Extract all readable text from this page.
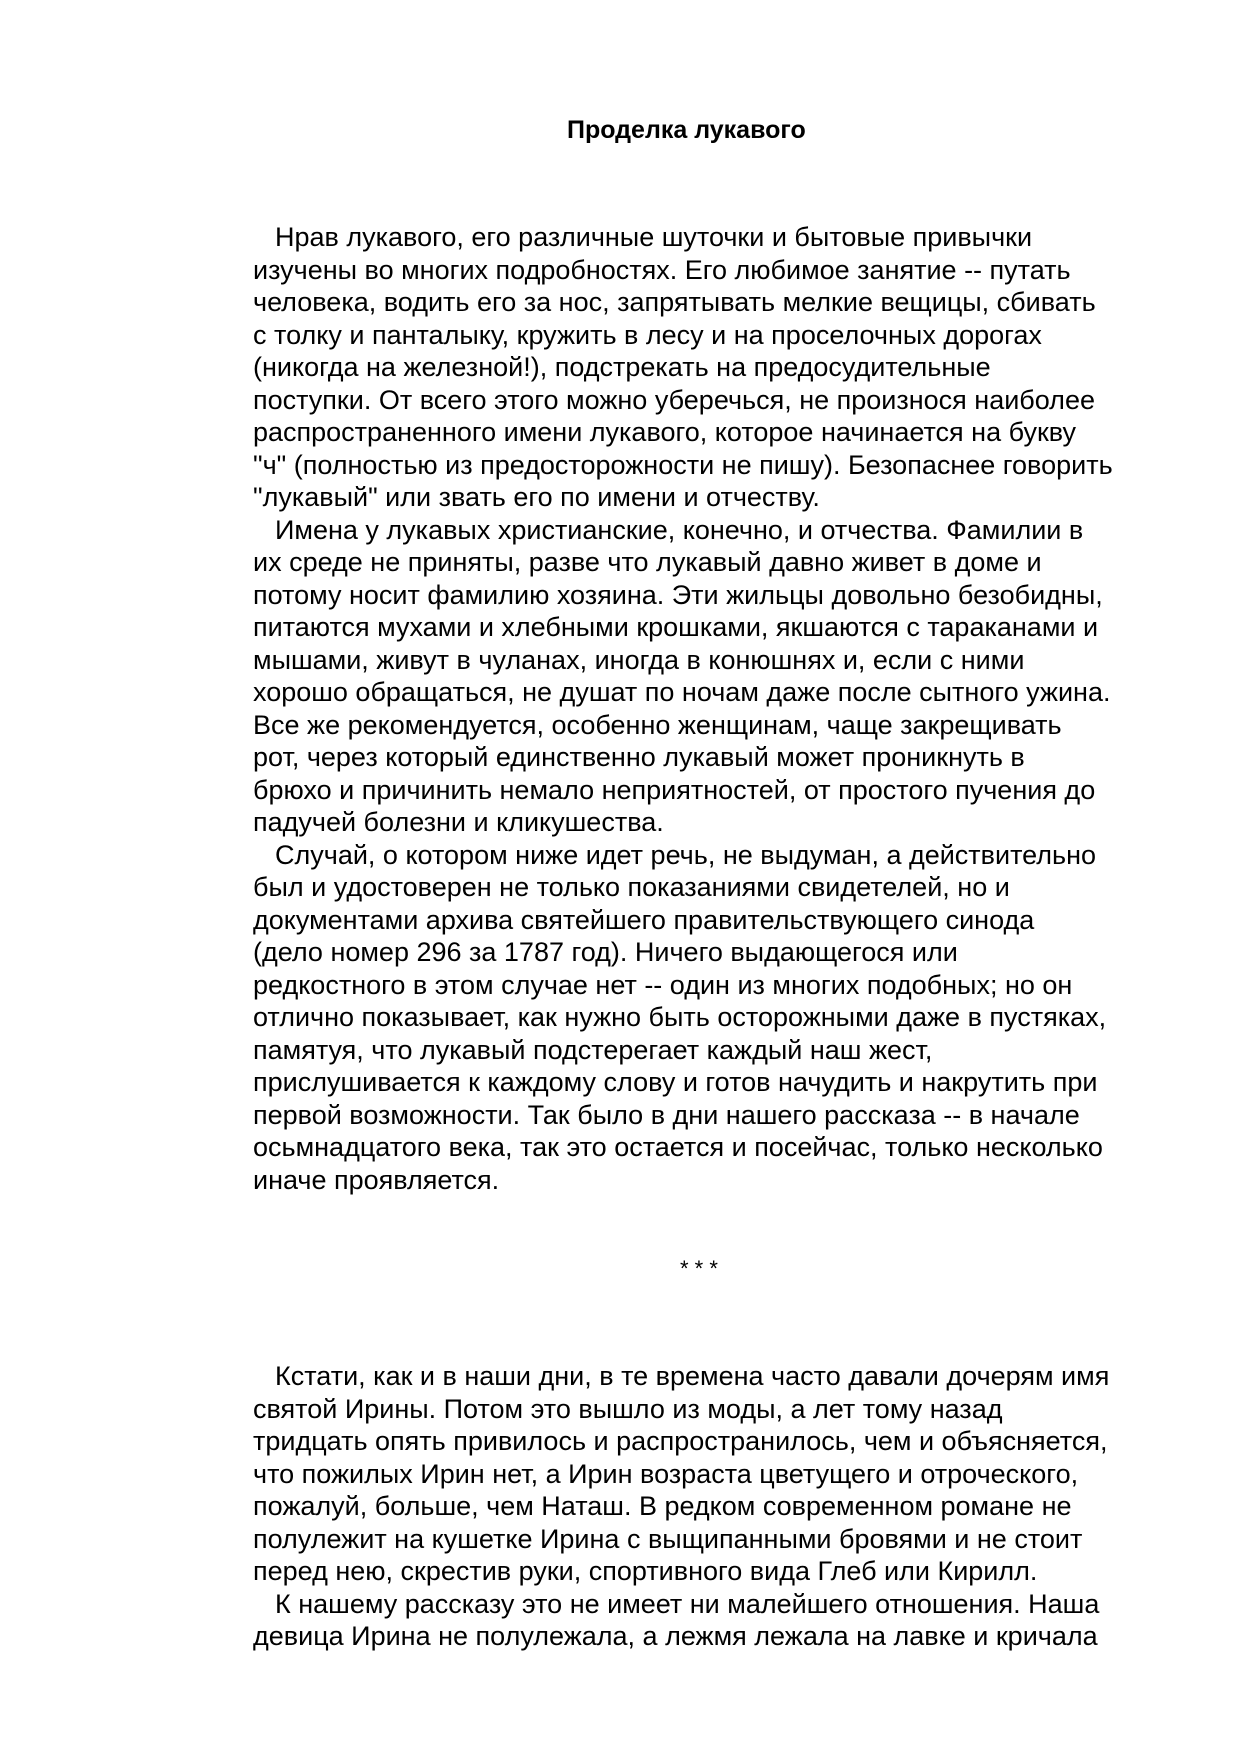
Проделка лукавого

Нрав лукавого, его различные шуточки и бытовые привычки

изучены во многих подробностях. Его любимое занятие -- путать

человека, водить его за нос, запрятывать мелкие вещицы, сбивать

с толку и панталыку, кружить в лесу и на проселочных дорогах

(никогда на железной!), подстрекать на предосудительные

поступки. От всего этого можно уберечься, не произнося наиболее

распространенного имени лукавого, которое начинается на букву

"ч" (полностью из предосторожности не пишу). Безопаснее говорить

"лукавый" или звать его по имени и отчеству.

Имена у лукавых христианские, конечно, и отчества. Фамилии в

их среде не приняты, разве что лукавый давно живет в доме и

потому носит фамилию хозяина. Эти жильцы довольно безобидны,

питаются мухами и хлебными крошками, якшаются с тараканами и

мышами, живут в чуланах, иногда в конюшнях и, если с ними

хорошо обращаться, не душат по ночам даже после сытного ужина.

Все же рекомендуется, особенно женщинам, чаще закрещивать

рот, через который единственно лукавый может проникнуть в

брюхо и причинить немало неприятностей, от простого пучения до

падучей болезни и кликушества.

Случай, о котором ниже идет речь, не выдуман, а действительно

был и удостоверен не только показаниями свидетелей, но и

документами архива святейшего правительствующего синода

(дело номер 296 за 1787 год). Ничего выдающегося или

редкостного в этом случае нет -- один из многих подобных; но он

отлично показывает, как нужно быть осторожными даже в пустяках,

памятуя, что лукавый подстерегает каждый наш жест,

прислушивается к каждому слову и готов начудить и накрутить при

первой возможности. Так было в дни нашего рассказа -- в начале

осьмнадцатого века, так это остается и посейчас, только несколько

иначе проявляется.

* * *

Кстати, как и в наши дни, в те времена часто давали дочерям имя

святой Ирины. Потом это вышло из моды, а лет тому назад

тридцать опять привилось и распространилось, чем и объясняется,

что пожилых Ирин нет, а Ирин возраста цветущего и отроческого,

пожалуй, больше, чем Наташ. В редком современном романе не

полулежит на кушетке Ирина с выщипанными бровями и не стоит

перед нею, скрестив руки, спортивного вида Глеб или Кирилл.

К нашему рассказу это не имеет ни малейшего отношения. Наша

девица Ирина не полулежала, а лежмя лежала на лавке и кричала
